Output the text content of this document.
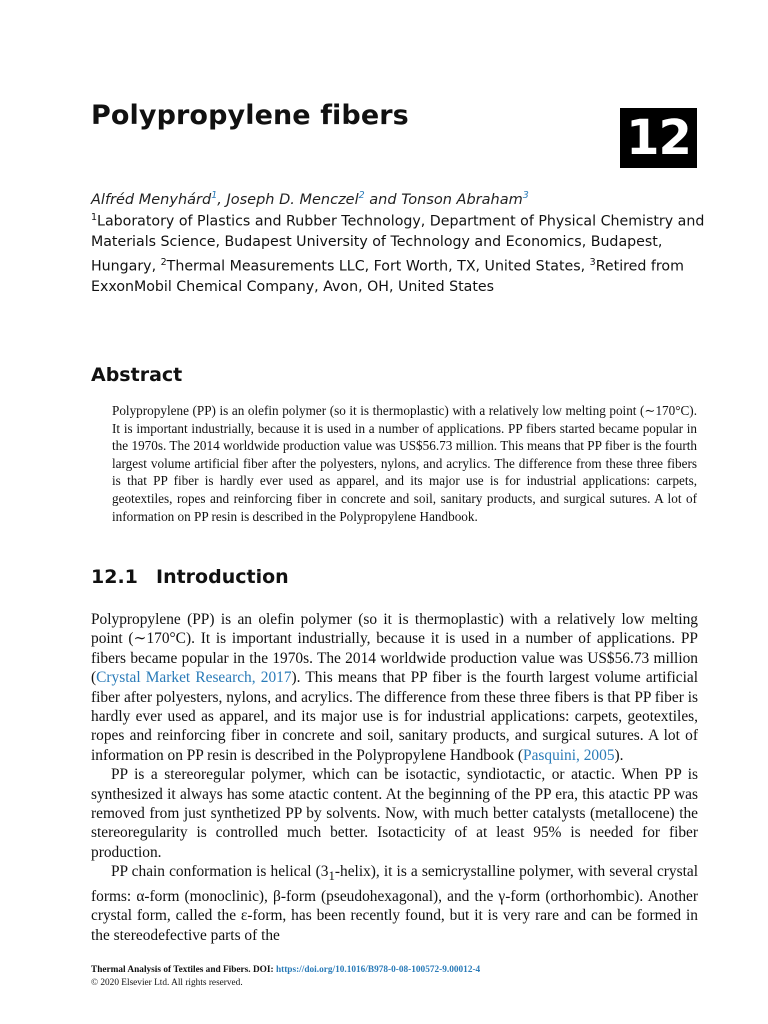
Polypropylene fibers	12
Alfréd Menyhárd$^1$, Joseph D. Menczel$^2$ and Tonson Abraham$^3$
$^1$Laboratory of Plastics and Rubber Technology, Department of Physical Chemistry and Materials Science, Budapest University of Technology and Economics, Budapest, Hungary, $^2$Thermal Measurements LLC, Fort Worth, TX, United States, $^3$Retired from ExxonMobil Chemical Company, Avon, OH, United States
Abstract

Polypropylene (PP) is an olefin polymer (so it is thermoplastic) with a relatively low melting point (∼170°C). It is important industrially, because it is used in a number of applications. PP fibers started became popular in the 1970s. The 2014 worldwide production value was US$56.73 million. This means that PP fiber is the fourth largest volume artificial fiber after the polyesters, nylons, and acrylics. The difference from these three fibers is that PP fiber is hardly ever used as apparel, and its major use is for industrial applications: carpets, geotextiles, ropes and reinforcing fiber in concrete and soil, sanitary products, and surgical sutures. A lot of information on PP resin is described in the Polypropylene Handbook.

12.1 Introduction

Polypropylene (PP) is an olefin polymer (so it is thermoplastic) with a relatively low melting point (∼170°C). It is important industrially, because it is used in a number of applications. PP fibers became popular in the 1970s. The 2014 worldwide production value was US$56.73 million (Crystal Market Research, 2017). This means that PP fiber is the fourth largest volume artificial fiber after polyesters, nylons, and acrylics. The difference from these three fibers is that PP fiber is hardly ever used as apparel, and its major use is for industrial applications: carpets, geotextiles, ropes and reinforcing fiber in concrete and soil, sanitary products, and surgical sutures. A lot of information on PP resin is described in the Polypropylene Handbook (Pasquini, 2005).

PP is a stereoregular polymer, which can be isotactic, syndiotactic, or atactic. When PP is synthesized it always has some atactic content. At the beginning of the PP era, this atactic PP was removed from just synthetized PP by solvents. Now, with much better catalysts (metallocene) the stereoregularity is controlled much better. Isotacticity of at least 95% is needed for fiber production.

PP chain conformation is helical $(3_1-helix)$, it is a semicrystalline polymer, with several crystal forms: α-form (monoclinic), β-form (pseudohexagonal), and the γ-form (orthorhombic). Another crystal form, called the ε-form, has been recently found, but it is very rare and can be formed in the stereodefective parts of the

Thermal Analysis of Textiles and Fibers. DOI: https://doi.org/10.1016/B978-0-08-100572-9.00012-4
© 2020 Elsevier Ltd. All rights reserved.
